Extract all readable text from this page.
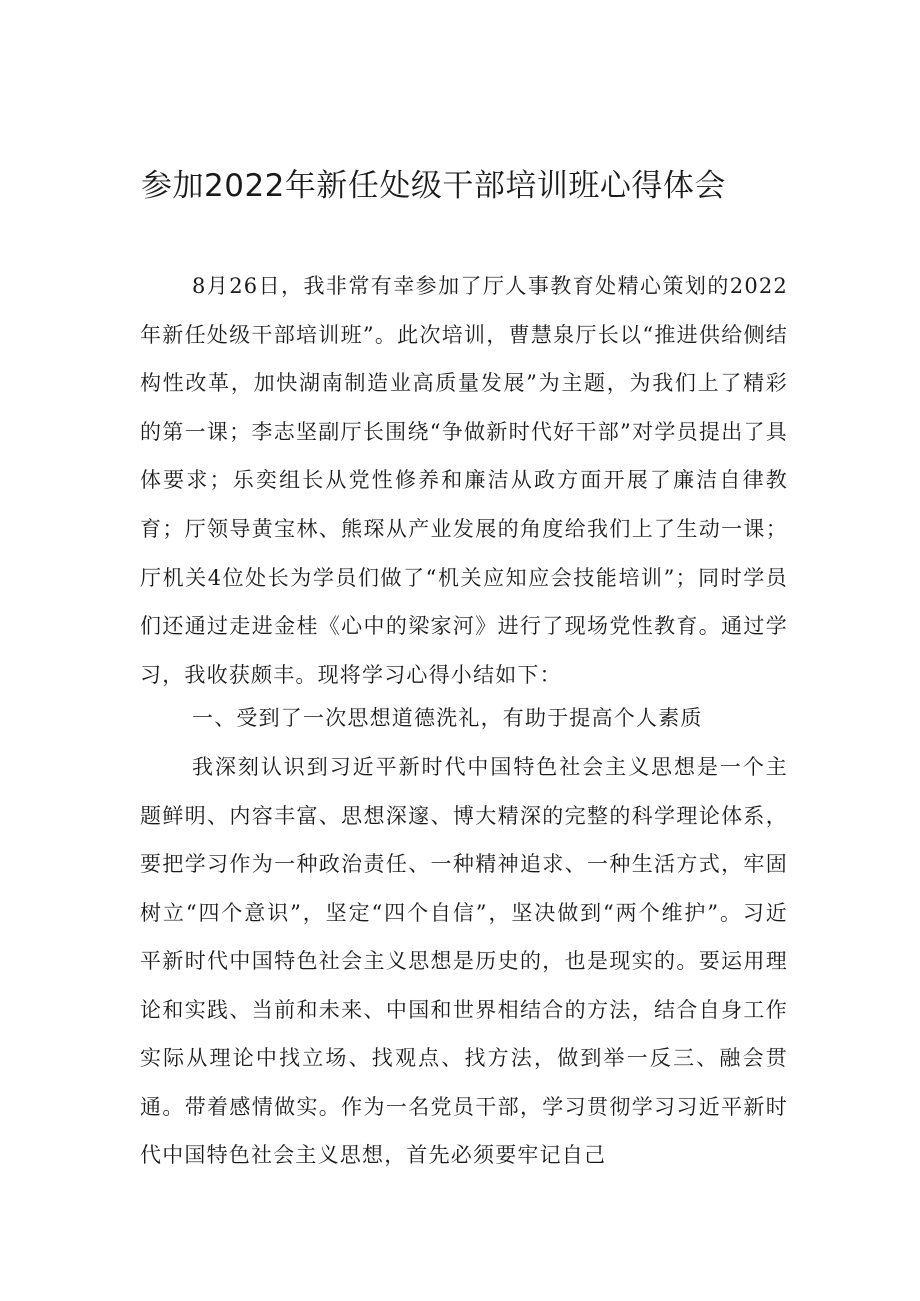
参加2022年新任处级干部培训班心得体会
8月26日，我非常有幸参加了厅人事教育处精心策划的2022年新任处级干部培训班”。此次培训，曹慧泉厅长以“推进供给侧结构性改革，加快湖南制造业高质量发展”为主题，为我们上了精彩的第一课；李志坚副厅长围绕“争做新时代好干部”对学员提出了具体要求；乐奕组长从党性修养和廉洁从政方面开展了廉洁自律教育；厅领导黄宝林、熊琛从产业发展的角度给我们上了生动一课；厅机关4位处长为学员们做了“机关应知应会技能培训”；同时学员们还通过走进金桂《心中的梁家河》进行了现场党性教育。通过学习，我收获颇丰。现将学习心得小结如下：
一、受到了一次思想道德洗礼，有助于提高个人素质
我深刻认识到习近平新时代中国特色社会主义思想是一个主题鲜明、内容丰富、思想深邃、博大精深的完整的科学理论体系，要把学习作为一种政治责任、一种精神追求、一种生活方式，牢固树立“四个意识”，坚定“四个自信”，坚决做到“两个维护”。习近平新时代中国特色社会主义思想是历史的，也是现实的。要运用理论和实践、当前和未来、中国和世界相结合的方法，结合自身工作实际从理论中找立场、找观点、找方法，做到举一反三、融会贯通。带着感情做实。作为一名党员干部，学习贯彻学习习近平新时代中国特色社会主义思想，首先必须要牢记自己
